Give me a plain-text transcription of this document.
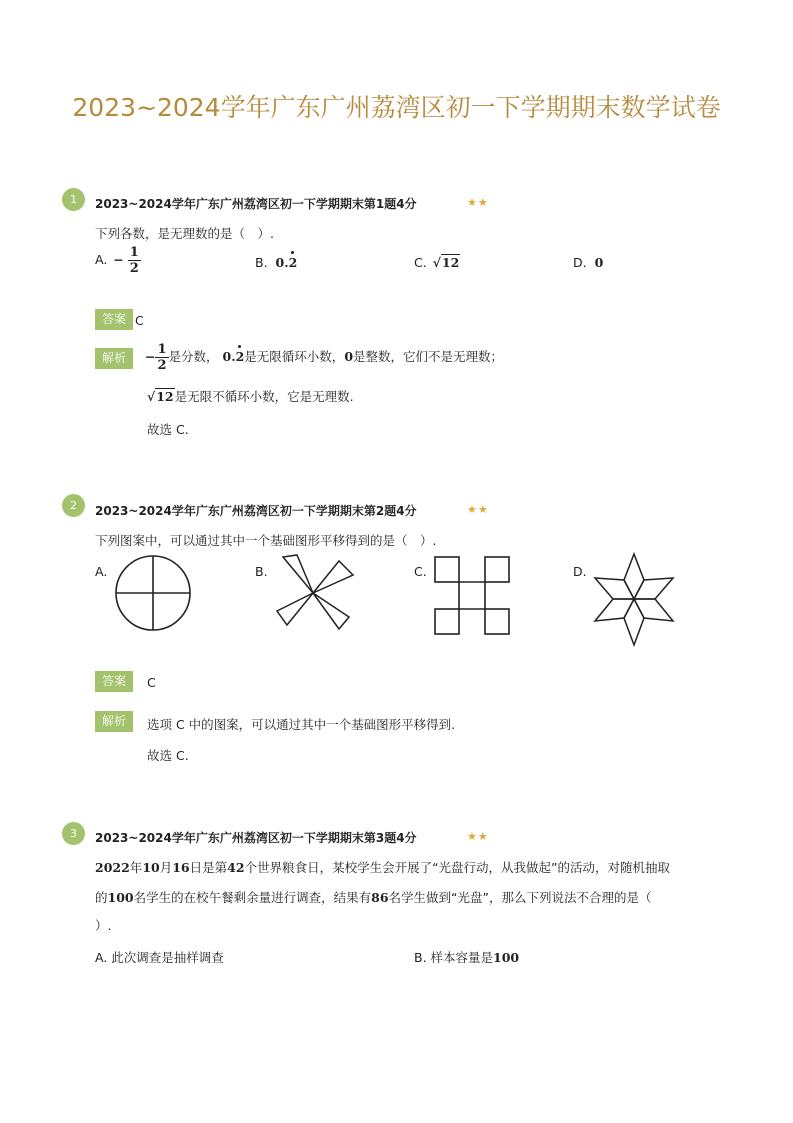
2023~2024学年广东广州荔湾区初一下学期期末数学试卷
1	2023~2024学年广东广州荔湾区初一下学期期末第1题4分	★★
下列各数，是无理数的是（　）.
A. − $\frac{1}{2}$	B. 0.2	C. √12	D. 0
答案 C
解析	− $\frac{1}{2}$ 是分数， 0.2是无限循环小数，0是整数，它们不是无理数；
√12是无限不循环小数，它是无理数.
故选 C.
2	2023~2024学年广东广州荔湾区初一下学期期末第2题4分	★★
下列图案中，可以通过其中一个基础图形平移得到的是（　）.
A.	B.	C.	D.
答案	C
解析	选项 C 中的图案，可以通过其中一个基础图形平移得到.
故选 C.
3	2023~2024学年广东广州荔湾区初一下学期期末第3题4分	★★
2022年10月16日是第42个世界粮食日，某校学生会开展了“光盘行动，从我做起”的活动，对随机抽取
的100名学生的在校午餐剩余量进行调查，结果有86名学生做到“光盘”，那么下列说法不合理的是（
）.
A. 此次调查是抽样调查	B. 样本容量是100
